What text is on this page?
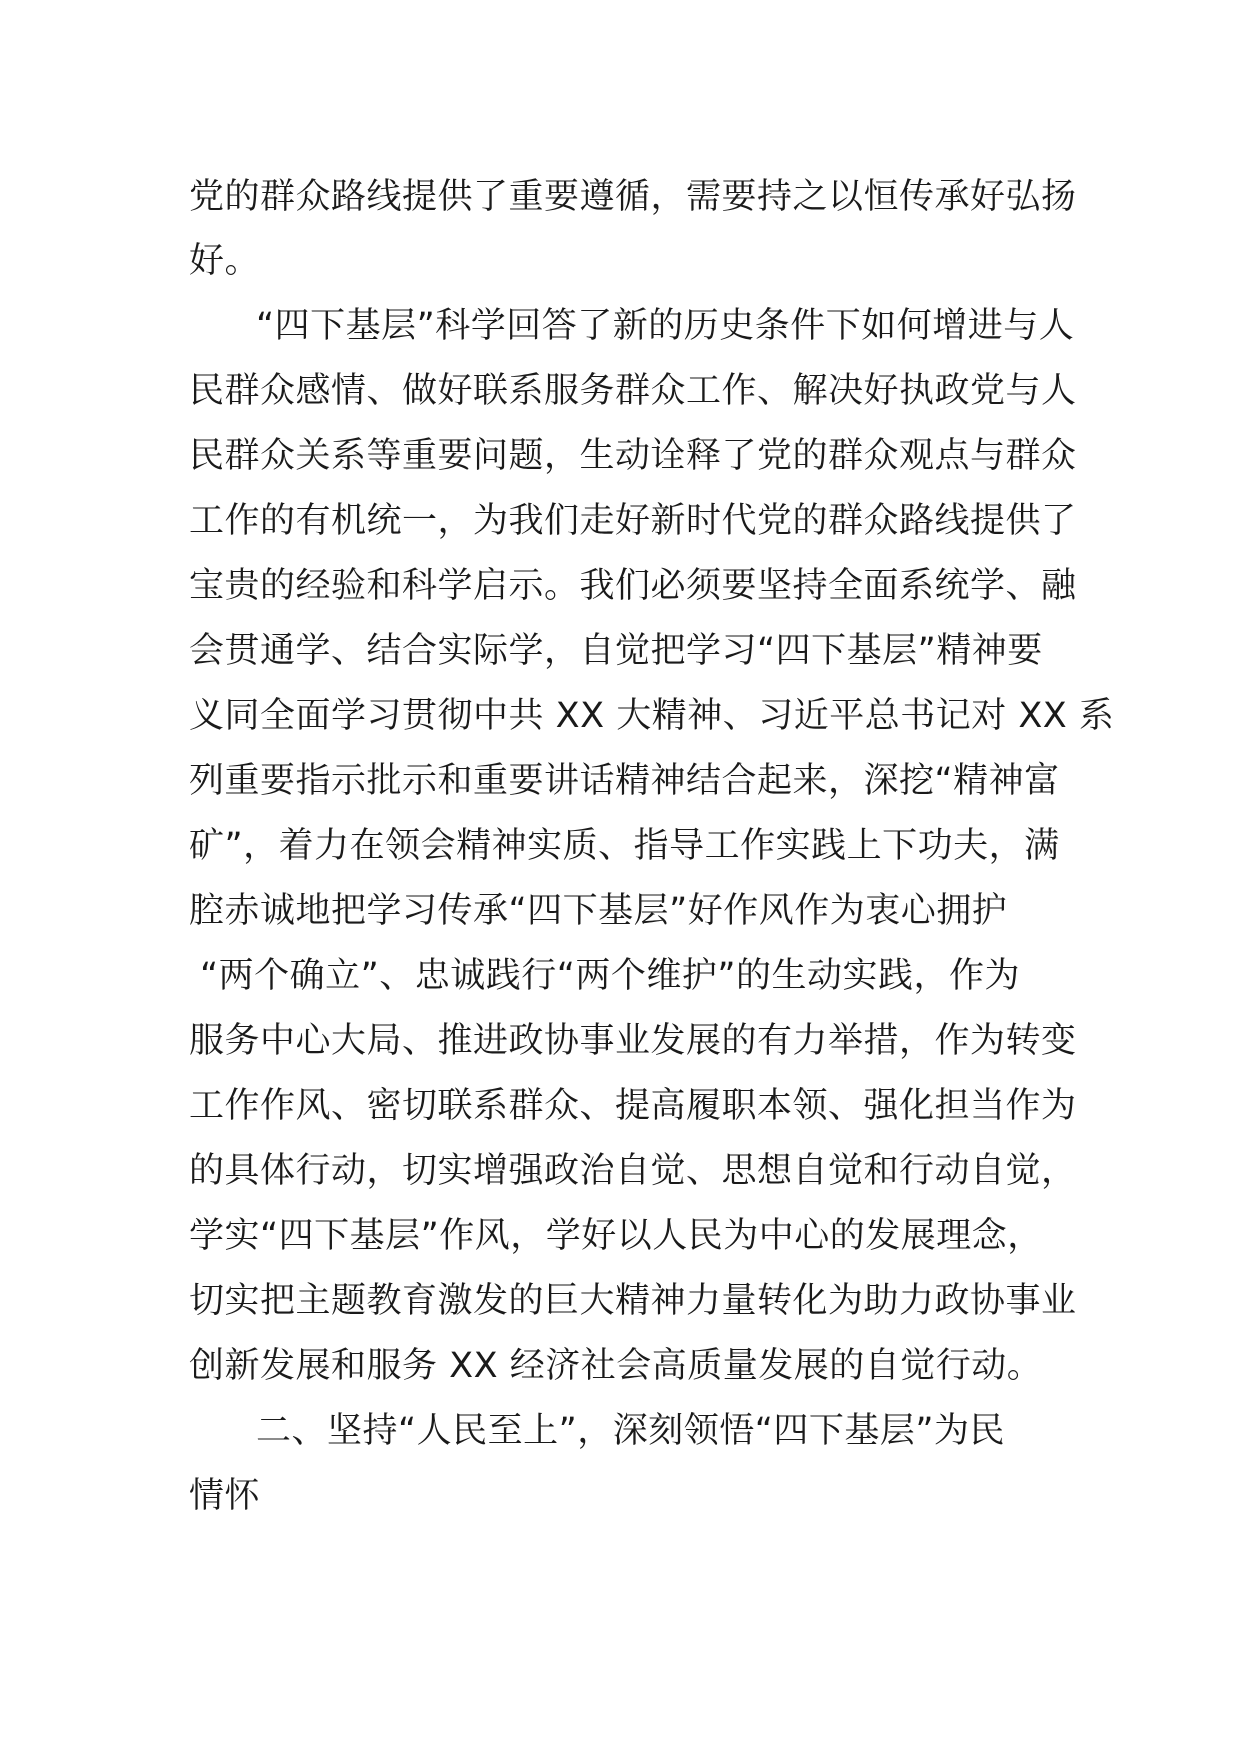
党的群众路线提供了重要遵循，需要持之以恒传承好弘扬
好。
“四下基层”科学回答了新的历史条件下如何增进与人
民群众感情、做好联系服务群众工作、解决好执政党与人
民群众关系等重要问题，生动诠释了党的群众观点与群众
工作的有机统一，为我们走好新时代党的群众路线提供了
宝贵的经验和科学启示。我们必须要坚持全面系统学、融
会贯通学、结合实际学，自觉把学习“四下基层”精神要
义同全面学习贯彻中共 XX 大精神、习近平总书记对 XX 系
列重要指示批示和重要讲话精神结合起来，深挖“精神富
矿”，着力在领会精神实质、指导工作实践上下功夫，满
腔赤诚地把学习传承“四下基层”好作风作为衷心拥护
“两个确立”、忠诚践行“两个维护”的生动实践，作为
服务中心大局、推进政协事业发展的有力举措，作为转变
工作作风、密切联系群众、提高履职本领、强化担当作为
的具体行动，切实增强政治自觉、思想自觉和行动自觉，
学实“四下基层”作风，学好以人民为中心的发展理念，
切实把主题教育激发的巨大精神力量转化为助力政协事业
创新发展和服务 XX 经济社会高质量发展的自觉行动。
二、坚持“人民至上”，深刻领悟“四下基层”为民
情怀
